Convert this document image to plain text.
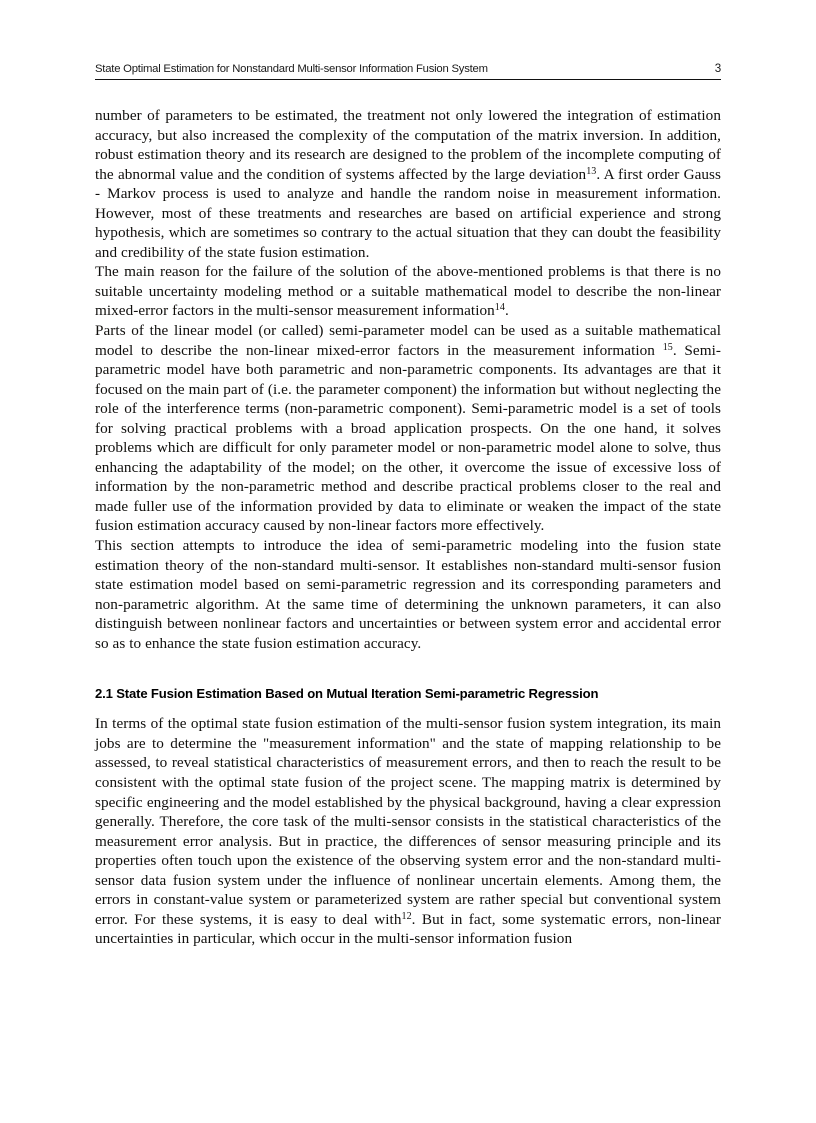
State Optimal Estimation for Nonstandard Multi-sensor Information Fusion System	3

number of parameters to be estimated, the treatment not only lowered the integration of estimation accuracy, but also increased the complexity of the computation of the matrix inversion. In addition, robust estimation theory and its research are designed to the problem of the incomplete computing of the abnormal value and the condition of systems affected by the large deviation$^{13}$. A first order Gauss - Markov process is used to analyze and handle the random noise in measurement information. However, most of these treatments and researches are based on artificial experience and strong hypothesis, which are sometimes so contrary to the actual situation that they can doubt the feasibility and credibility of the state fusion estimation.

The main reason for the failure of the solution of the above-mentioned problems is that there is no suitable uncertainty modeling method or a suitable mathematical model to describe the non-linear mixed-error factors in the multi-sensor measurement information$^{14}$.

Parts of the linear model (or called) semi-parameter model can be used as a suitable mathematical model to describe the non-linear mixed-error factors in the measurement information $^{15}$. Semi-parametric model have both parametric and non-parametric components. Its advantages are that it focused on the main part of (i.e. the parameter component) the information but without neglecting the role of the interference terms (non-parametric component). Semi-parametric model is a set of tools for solving practical problems with a broad application prospects. On the one hand, it solves problems which are difficult for only parameter model or non-parametric model alone to solve, thus enhancing the adaptability of the model; on the other, it overcome the issue of excessive loss of information by the non-parametric method and describe practical problems closer to the real and made fuller use of the information provided by data to eliminate or weaken the impact of the state fusion estimation accuracy caused by non-linear factors more effectively.

This section attempts to introduce the idea of semi-parametric modeling into the fusion state estimation theory of the non-standard multi-sensor. It establishes non-standard multi-sensor fusion state estimation model based on semi-parametric regression and its corresponding parameters and non-parametric algorithm. At the same time of determining the unknown parameters, it can also distinguish between nonlinear factors and uncertainties or between system error and accidental error so as to enhance the state fusion estimation accuracy.

2.1 State Fusion Estimation Based on Mutual Iteration Semi-parametric Regression

In terms of the optimal state fusion estimation of the multi-sensor fusion system integration, its main jobs are to determine the "measurement information" and the state of mapping relationship to be assessed, to reveal statistical characteristics of measurement errors, and then to reach the result to be consistent with the optimal state fusion of the project scene. The mapping matrix is determined by specific engineering and the model established by the physical background, having a clear expression generally. Therefore, the core task of the multi-sensor consists in the statistical characteristics of the measurement error analysis. But in practice, the differences of sensor measuring principle and its properties often touch upon the existence of the observing system error and the non-standard multi-sensor data fusion system under the influence of nonlinear uncertain elements. Among them, the errors in constant-value system or parameterized system are rather special but conventional system error. For these systems, it is easy to deal with$^{12}$. But in fact, some systematic errors, non-linear uncertainties in particular, which occur in the multi-sensor information fusion
